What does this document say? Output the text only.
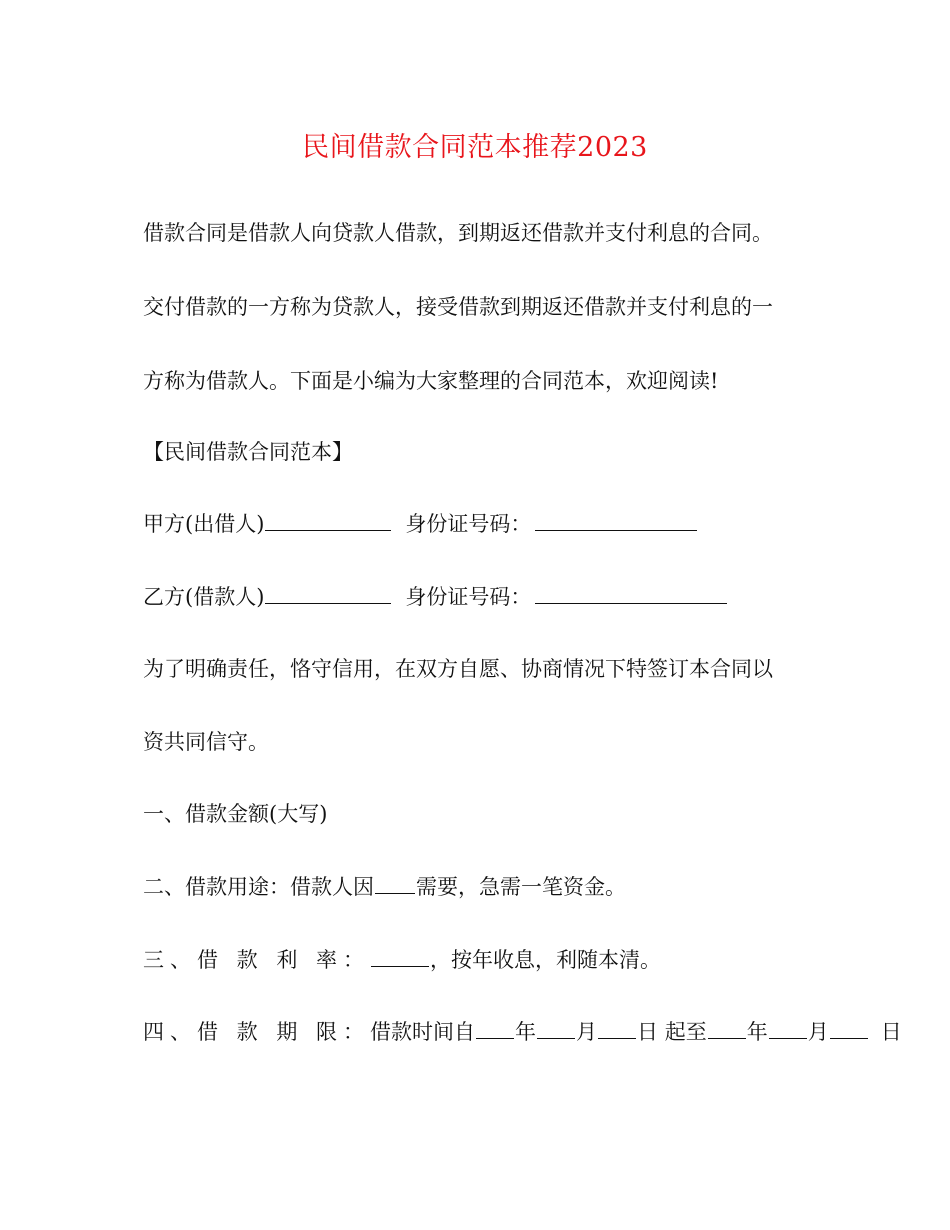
民间借款合同范本推荐2023
借款合同是借款人向贷款人借款，到期返还借款并支付利息的合同。
交付借款的一方称为贷款人，接受借款到期返还借款并支付利息的一
方称为借款人。下面是小编为大家整理的合同范本，欢迎阅读!
【民间借款合同范本】
甲方(出借人)	身份证号码：
乙方(借款人)	身份证号码：
为了明确责任，恪守信用，在双方自愿、协商情况下特签订本合同以
资共同信守。
一、借款金额(大写)
二、借款用途：借款人因 需要，急需一笔资金。
三、借 款 利 率：	，按年收息，利随本清。
四、借 款 期 限：借款时间自 年 月 日 起至 年 月 日
